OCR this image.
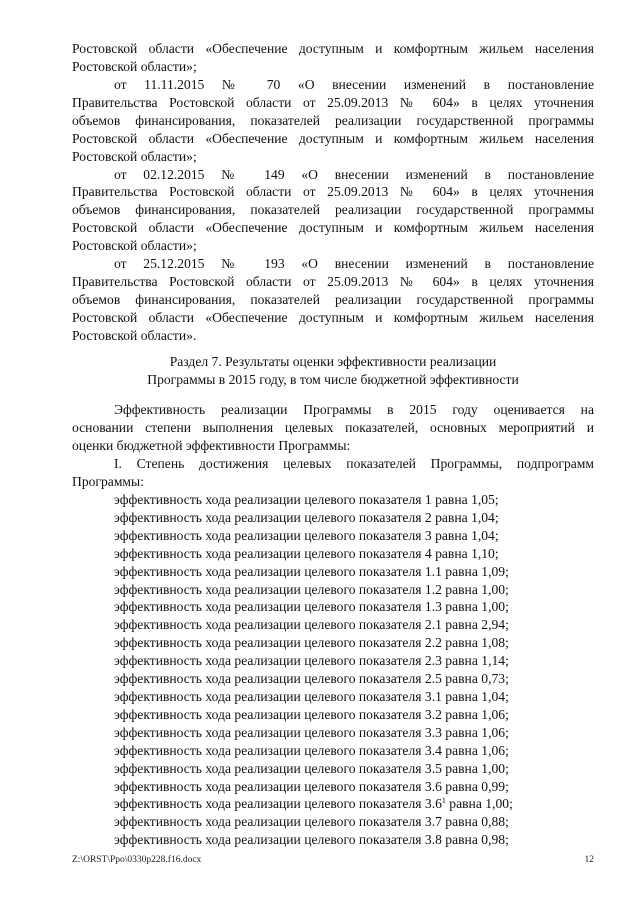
Ростовской области «Обеспечение доступным и комфортным жильем населения
Ростовской области»;
от 11.11.2015 № 70 «О внесении изменений в постановление
Правительства Ростовской области от 25.09.2013 № 604» в целях уточнения
объемов финансирования, показателей реализации государственной программы
Ростовской области «Обеспечение доступным и комфортным жильем населения
Ростовской области»;
от 02.12.2015 № 149 «О внесении изменений в постановление
Правительства Ростовской области от 25.09.2013 № 604» в целях уточнения
объемов финансирования, показателей реализации государственной программы
Ростовской области «Обеспечение доступным и комфортным жильем населения
Ростовской области»;
от 25.12.2015 № 193 «О внесении изменений в постановление
Правительства Ростовской области от 25.09.2013 № 604» в целях уточнения
объемов финансирования, показателей реализации государственной программы
Ростовской области «Обеспечение доступным и комфортным жильем населения
Ростовской области».
Раздел 7. Результаты оценки эффективности реализации
Программы в 2015 году, в том числе бюджетной эффективности
Эффективность реализации Программы в 2015 году оценивается на
основании степени выполнения целевых показателей, основных мероприятий и
оценки бюджетной эффективности Программы:
I. Степень достижения целевых показателей Программы, подпрограмм
Программы:
эффективность хода реализации целевого показателя 1 равна 1,05;
эффективность хода реализации целевого показателя 2 равна 1,04;
эффективность хода реализации целевого показателя 3 равна 1,04;
эффективность хода реализации целевого показателя 4 равна 1,10;
эффективность хода реализации целевого показателя 1.1 равна 1,09;
эффективность хода реализации целевого показателя 1.2 равна 1,00;
эффективность хода реализации целевого показателя 1.3 равна 1,00;
эффективность хода реализации целевого показателя 2.1 равна 2,94;
эффективность хода реализации целевого показателя 2.2 равна 1,08;
эффективность хода реализации целевого показателя 2.3 равна 1,14;
эффективность хода реализации целевого показателя 2.5 равна 0,73;
эффективность хода реализации целевого показателя 3.1 равна 1,04;
эффективность хода реализации целевого показателя 3.2 равна 1,06;
эффективность хода реализации целевого показателя 3.3 равна 1,06;
эффективность хода реализации целевого показателя 3.4 равна 1,06;
эффективность хода реализации целевого показателя 3.5 равна 1,00;
эффективность хода реализации целевого показателя 3.6 равна 0,99;
эффективность хода реализации целевого показателя $3.6^1$ равна 1,00;
эффективность хода реализации целевого показателя 3.7 равна 0,88;
эффективность хода реализации целевого показателя 3.8 равна 0,98;
Z:\ORST\Ppo\0330p228.f16.docx	12
